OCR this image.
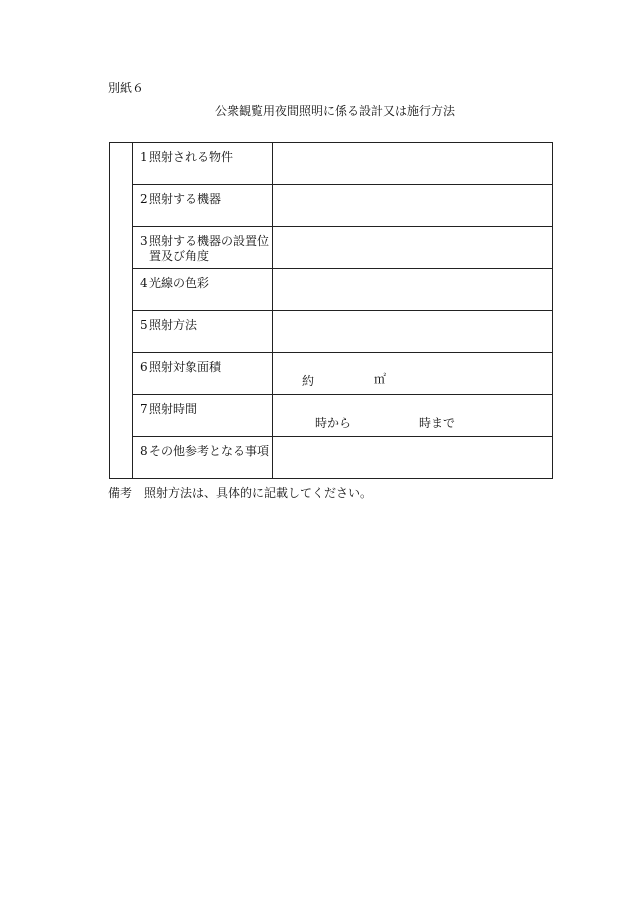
別紙６
公衆観覧用夜間照明に係る設計又は施行方法
	1照射される物件	
	2照射する機器	
	3照射する機器の設置位
置及び角度	

	4光線の色彩	
	5照射方法	
	6照射対象面積	約 ㎡

	7照射時間	時から 時まで

	8その他参考となる事項	
備考 照射方法は、具体的に記載してください。
